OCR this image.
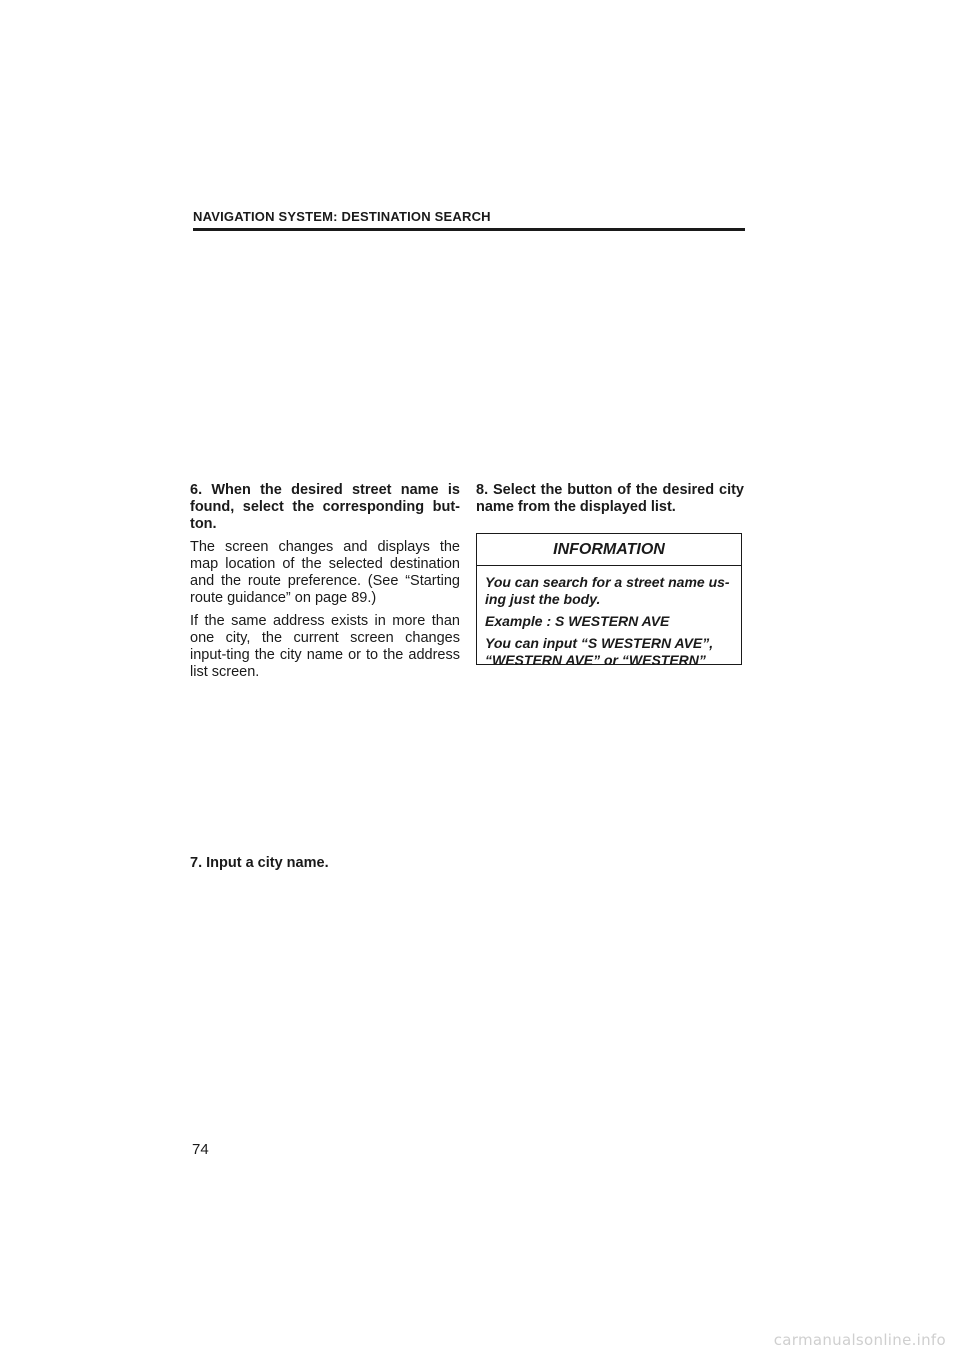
NAVIGATION SYSTEM: DESTINATION SEARCH

6. When the desired street name is found, select the corresponding but-ton.

The screen changes and displays the map location of the selected destination and the route preference. (See “Starting route guidance” on page 89.)

If the same address exists in more than one city, the current screen changes input-ting the city name or to the address list screen.

8. Select the button of the desired city name from the displayed list.

INFORMATION

You can search for a street name us-ing just the body.

Example : S WESTERN AVE

You can input “S WESTERN AVE”, “WESTERN AVE” or “WESTERN”

7. Input a city name.
74
carmanualsonline.info
